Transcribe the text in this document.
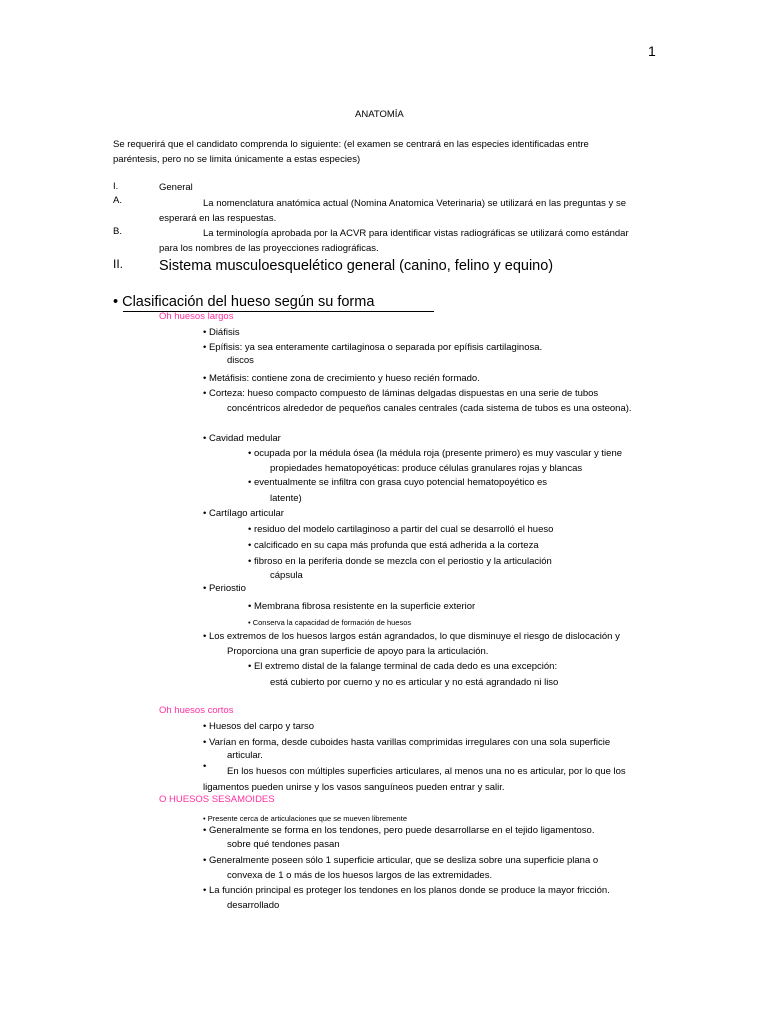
1
ANATOMÍA
Se requerirá que el candidato comprenda lo siguiente: (el examen se centrará en las especies identificadas entre
paréntesis, pero no se limita únicamente a estas especies)
I.	General
A.	La nomenclatura anatómica actual (Nomina Anatomica Veterinaria) se utilizará en las preguntas y se
esperará en las respuestas.
B.	La terminología aprobada por la ACVR para identificar vistas radiográficas se utilizará como estándar
para los nombres de las proyecciones radiográficas.
II. Sistema musculoesquelético general (canino, felino y equino)
• Clasificación del hueso según su forma
Oh huesos largos
• Diáfisis
• Epífisis: ya sea enteramente cartilaginosa o separada por epífisis cartilaginosa.
discos
• Metáfisis: contiene zona de crecimiento y hueso recién formado.
• Corteza: hueso compacto compuesto de láminas delgadas dispuestas en una serie de tubos
concéntricos alrededor de pequeños canales centrales (cada sistema de tubos es una osteona).
• Cavidad medular
• ocupada por la médula ósea (la médula roja (presente primero) es muy vascular y tiene
propiedades hematopoyéticas: produce células granulares rojas y blancas
• eventualmente se infiltra con grasa cuyo potencial hematopoyético es
latente)
• Cartílago articular
• residuo del modelo cartilaginoso a partir del cual se desarrolló el hueso
• calcificado en su capa más profunda que está adherida a la corteza
• fibroso en la periferia donde se mezcla con el periostio y la articulación
cápsula
• Periostio
• Membrana fibrosa resistente en la superficie exterior
• Conserva la capacidad de formación de huesos
• Los extremos de los huesos largos están agrandados, lo que disminuye el riesgo de dislocación y
Proporciona una gran superficie de apoyo para la articulación.
• El extremo distal de la falange terminal de cada dedo es una excepción:
está cubierto por cuerno y no es articular y no está agrandado ni liso
Oh huesos cortos
• Huesos del carpo y tarso
• Varían en forma, desde cuboides hasta varillas comprimidas irregulares con una sola superficie
articular.
• En los huesos con múltiples superficies articulares, al menos una no es articular, por lo que los
ligamentos pueden unirse y los vasos sanguíneos pueden entrar y salir.
O HUESOS SESAMOIDES
• Presente cerca de articulaciones que se mueven libremente
• Generalmente se forma en los tendones, pero puede desarrollarse en el tejido ligamentoso.
sobre qué tendones pasan
• Generalmente poseen sólo 1 superficie articular, que se desliza sobre una superficie plana o
convexa de 1 o más de los huesos largos de las extremidades.
• La función principal es proteger los tendones en los planos donde se produce la mayor fricción.
desarrollado
